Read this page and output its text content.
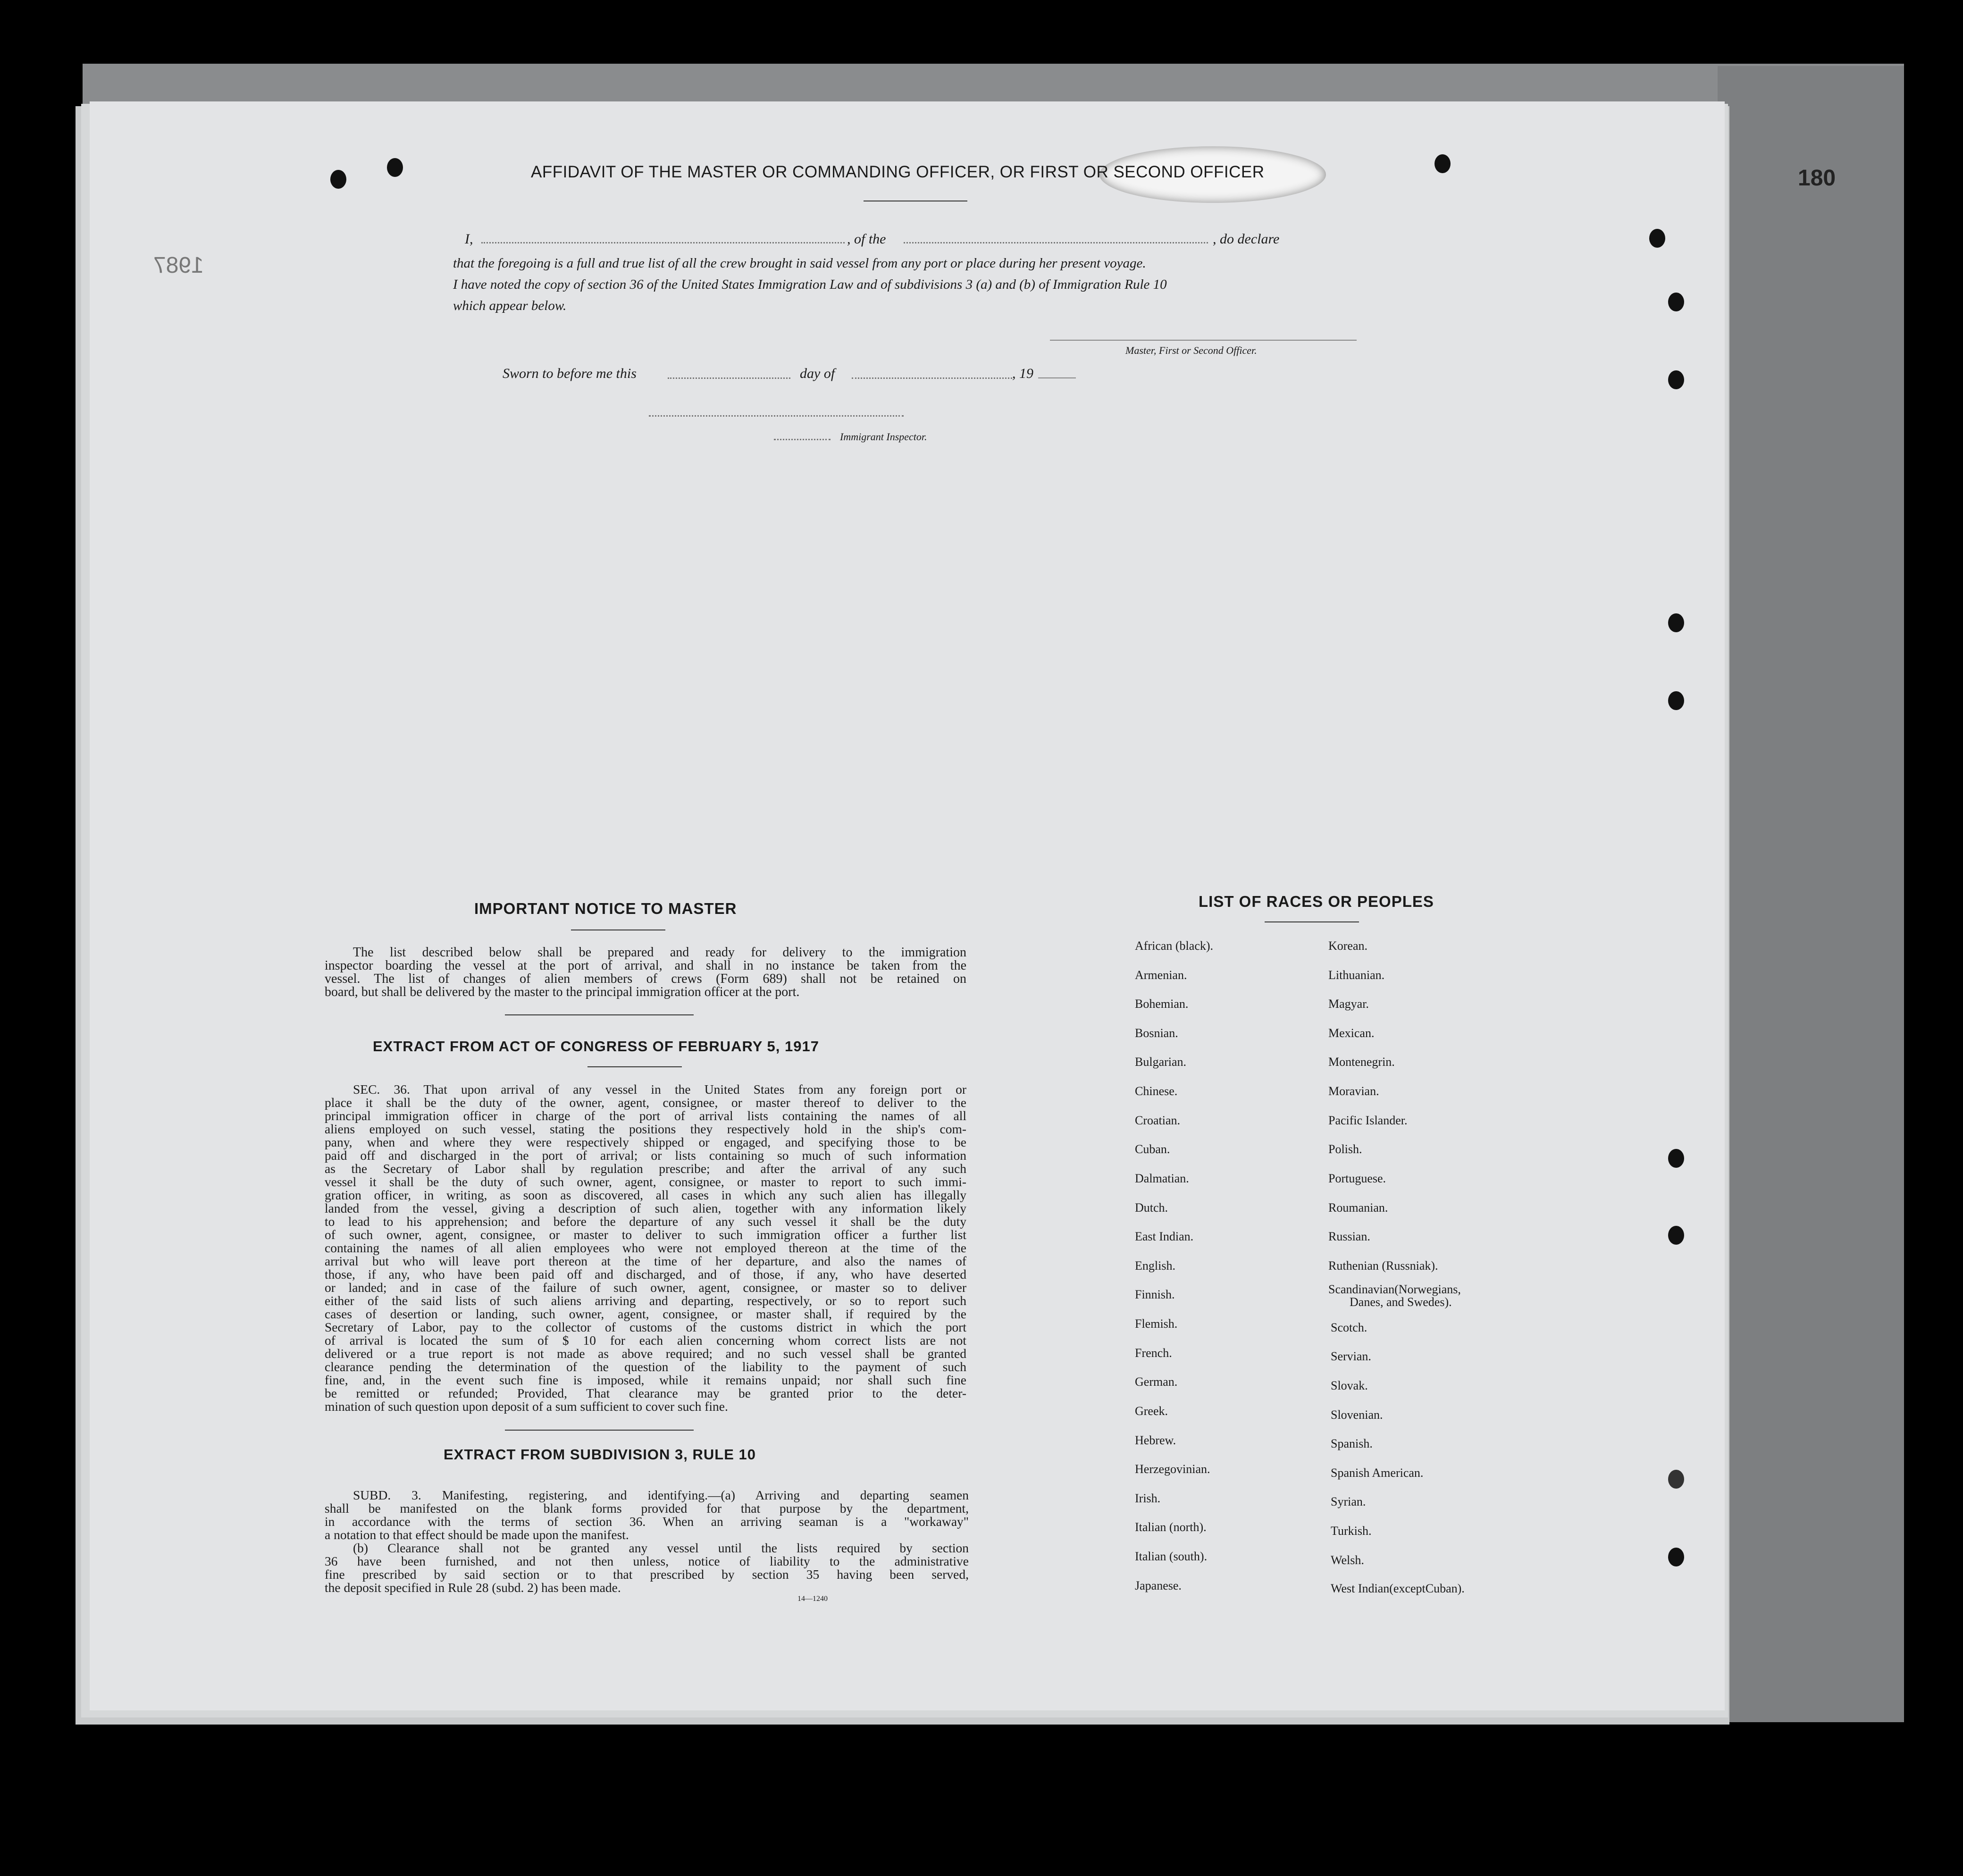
1987
AFFIDAVIT OF THE MASTER OR COMMANDING OFFICER, OR FIRST OR SECOND OFFICER
I,	, of the	, do declare
that the foregoing is a full and true list of all the crew brought in said vessel from any port or place during her present voyage.
I have noted the copy of section 36 of the United States Immigration Law and of subdivisions 3 (a) and (b) of Immigration Rule 10
which appear below.
Master, First or Second Officer.
Sworn to before me this	day of	, 19
Immigrant Inspector.
IMPORTANT NOTICE TO MASTER
The list described below shall be prepared and ready for delivery to the immigration
inspector boarding the vessel at the port of arrival, and shall in no instance be taken from the
vessel. The list of changes of alien members of crews (Form 689) shall not be retained on
board, but shall be delivered by the master to the principal immigration officer at the port.
EXTRACT FROM ACT OF CONGRESS OF FEBRUARY 5, 1917
SEC. 36. That upon arrival of any vessel in the United States from any foreign port or
place it shall be the duty of the owner, agent, consignee, or master thereof to deliver to the
principal immigration officer in charge of the port of arrival lists containing the names of all
aliens employed on such vessel, stating the positions they respectively hold in the ship's com-
pany, when and where they were respectively shipped or engaged, and specifying those to be
paid off and discharged in the port of arrival; or lists containing so much of such information
as the Secretary of Labor shall by regulation prescribe; and after the arrival of any such
vessel it shall be the duty of such owner, agent, consignee, or master to report to such immi-
gration officer, in writing, as soon as discovered, all cases in which any such alien has illegally
landed from the vessel, giving a description of such alien, together with any information likely
to lead to his apprehension; and before the departure of any such vessel it shall be the duty
of such owner, agent, consignee, or master to deliver to such immigration officer a further list
containing the names of all alien employees who were not employed thereon at the time of the
arrival but who will leave port thereon at the time of her departure, and also the names of
those, if any, who have been paid off and discharged, and of those, if any, who have deserted
or landed; and in case of the failure of such owner, agent, consignee, or master so to deliver
either of the said lists of such aliens arriving and departing, respectively, or so to report such
cases of desertion or landing, such owner, agent, consignee, or master shall, if required by the
Secretary of Labor, pay to the collector of customs of the customs district in which the port
of arrival is located the sum of $ 10 for each alien concerning whom correct lists are not
delivered or a true report is not made as above required; and no such vessel shall be granted
clearance pending the determination of the question of the liability to the payment of such
fine, and, in the event such fine is imposed, while it remains unpaid; nor shall such fine
be remitted or refunded; Provided, That clearance may be granted prior to the deter-
mination of such question upon deposit of a sum sufficient to cover such fine.
EXTRACT FROM SUBDIVISION 3, RULE 10
SUBD. 3. Manifesting, registering, and identifying.—(a) Arriving and departing seamen
shall be manifested on the blank forms provided for that purpose by the department,
in accordance with the terms of section 36. When an arriving seaman is a "workaway"
a notation to that effect should be made upon the manifest.
(b) Clearance shall not be granted any vessel until the lists required by section
36 have been furnished, and not then unless, notice of liability to the administrative
fine prescribed by said section or to that prescribed by section 35 having been served,
the deposit specified in Rule 28 (subd. 2) has been made.
14—1240
LIST OF RACES OR PEOPLES
African (black).
Armenian.
Bohemian.
Bosnian.
Bulgarian.
Chinese.
Croatian.
Cuban.
Dalmatian.
Dutch.
East Indian.
English.
Finnish.
Flemish.
French.
German.
Greek.
Hebrew.
Herzegovinian.
Irish.
Italian (north).
Italian (south).
Japanese.
Korean.
Lithuanian.
Magyar.
Mexican.
Montenegrin.
Moravian.
Pacific Islander.
Polish.
Portuguese.
Roumanian.
Russian.
Ruthenian (Russniak).
Scandinavian(Norwegians,
Danes, and Swedes).
Scotch.
Servian.
Slovak.
Slovenian.
Spanish.
Spanish American.
Syrian.
Turkish.
Welsh.
West Indian(exceptCuban).
180
